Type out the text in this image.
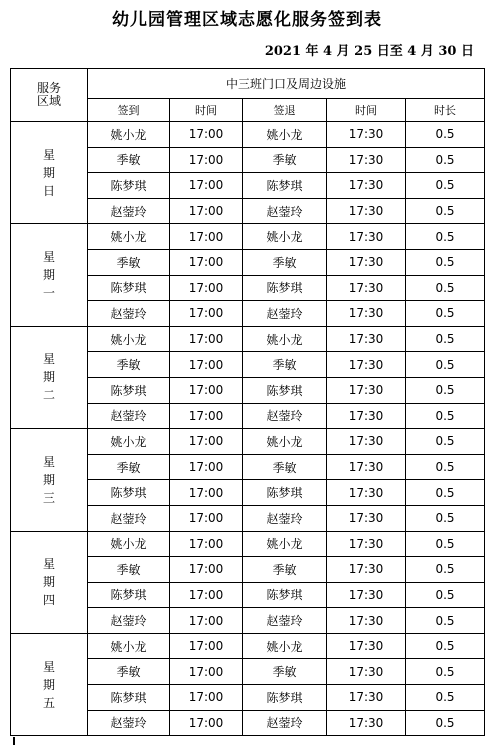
幼儿园管理区域志愿化服务签到表
2021 年 4 月 25 日至 4 月 30 日
服务
区域	中三班门口及周边设施				
	签到	时间	签退	时间	时长

星
期
日	姚小龙	17:00	姚小龙	17:30	0.5
	季敏	17:00	季敏	17:30	0.5
	陈梦琪	17:00	陈梦琪	17:30	0.5
	赵蓥玲	17:00	赵蓥玲	17:30	0.5

星
期
一	姚小龙	17:00	姚小龙	17:30	0.5
	季敏	17:00	季敏	17:30	0.5
	陈梦琪	17:00	陈梦琪	17:30	0.5
	赵蓥玲	17:00	赵蓥玲	17:30	0.5

星
期
二	姚小龙	17:00	姚小龙	17:30	0.5
	季敏	17:00	季敏	17:30	0.5
	陈梦琪	17:00	陈梦琪	17:30	0.5
	赵蓥玲	17:00	赵蓥玲	17:30	0.5

星
期
三	姚小龙	17:00	姚小龙	17:30	0.5
	季敏	17:00	季敏	17:30	0.5
	陈梦琪	17:00	陈梦琪	17:30	0.5
	赵蓥玲	17:00	赵蓥玲	17:30	0.5

星
期
四	姚小龙	17:00	姚小龙	17:30	0.5
	季敏	17:00	季敏	17:30	0.5
	陈梦琪	17:00	陈梦琪	17:30	0.5
	赵蓥玲	17:00	赵蓥玲	17:30	0.5

星
期
五	姚小龙	17:00	姚小龙	17:30	0.5
	季敏	17:00	季敏	17:30	0.5
	陈梦琪	17:00	陈梦琪	17:30	0.5
	赵蓥玲	17:00	赵蓥玲	17:30	0.5
